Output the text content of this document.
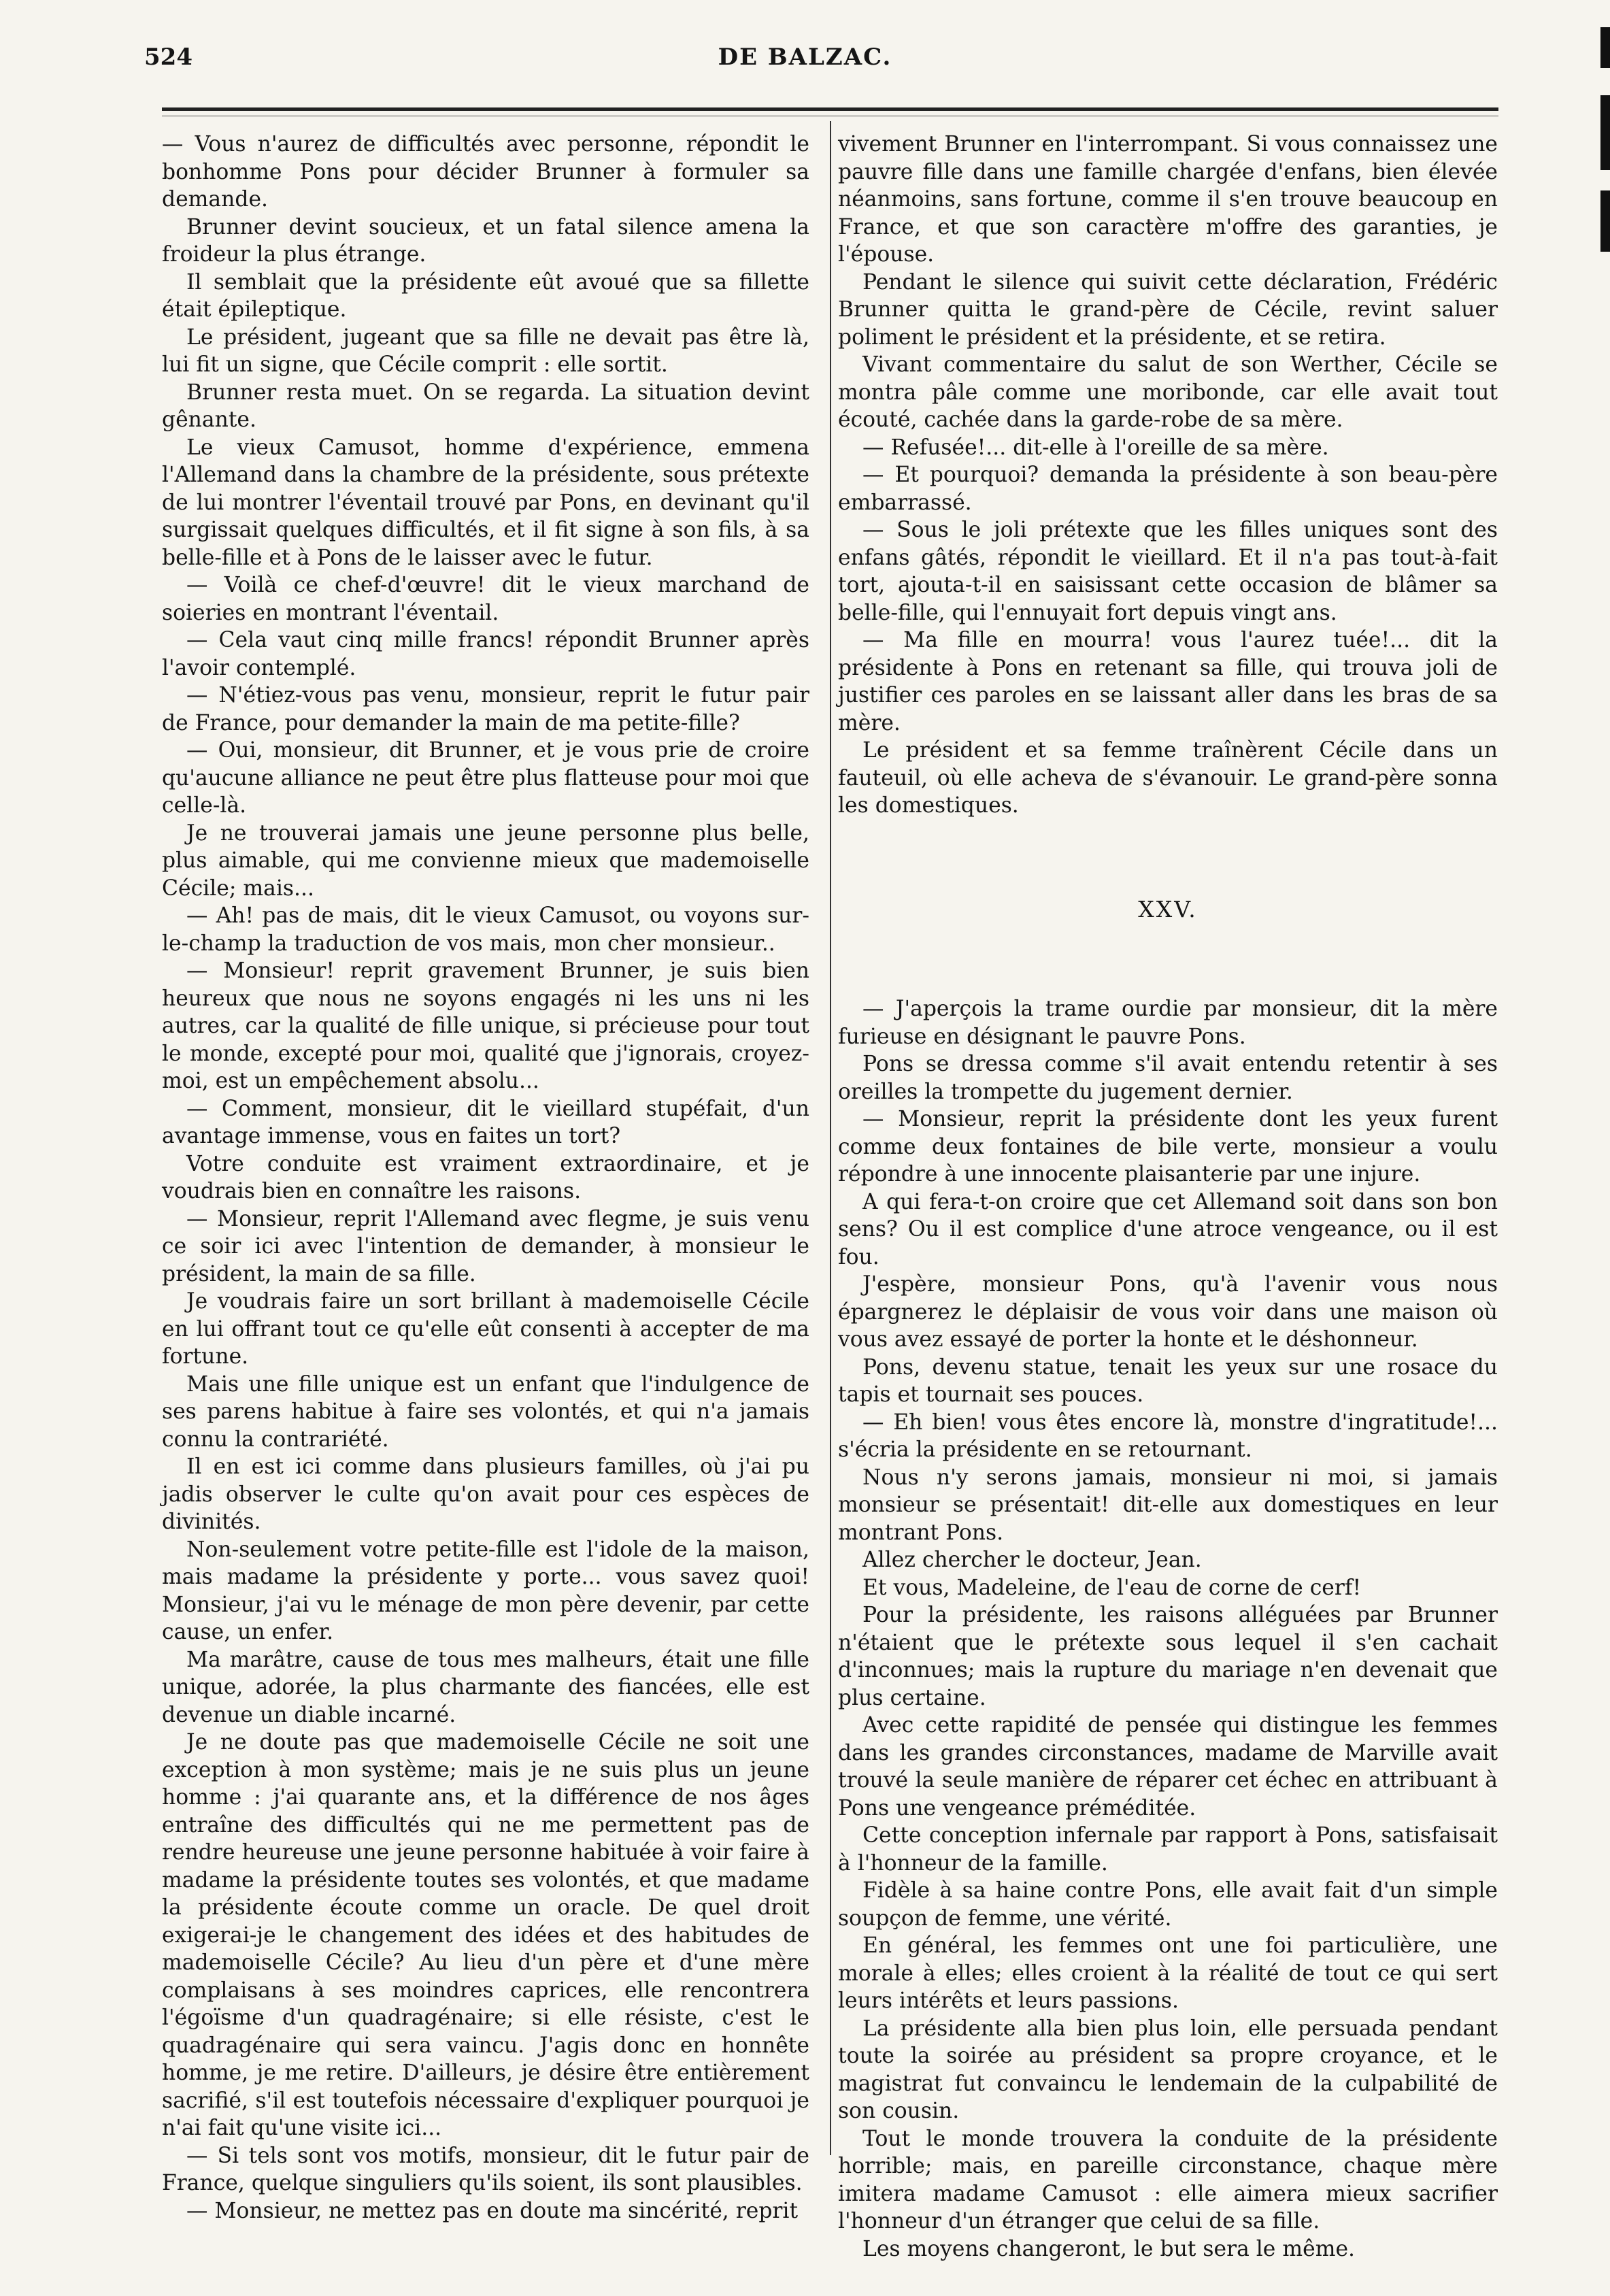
524	DE BALZAC.

— Vous n'aurez de difficultés avec personne, répondit le bonhomme Pons pour décider Brunner à formuler sa demande.

Brunner devint soucieux, et un fatal silence amena la froideur la plus étrange.

Il semblait que la présidente eût avoué que sa fillette était épileptique.

Le président, jugeant que sa fille ne devait pas être là, lui fit un signe, que Cécile comprit : elle sortit.

Brunner resta muet. On se regarda. La situation devint gênante.

Le vieux Camusot, homme d'expérience, emmena l'Allemand dans la chambre de la présidente, sous prétexte de lui montrer l'éventail trouvé par Pons, en devinant qu'il surgissait quelques difficultés, et il fit signe à son fils, à sa belle-fille et à Pons de le laisser avec le futur.

— Voilà ce chef-d'œuvre! dit le vieux marchand de soieries en montrant l'éventail.

— Cela vaut cinq mille francs! répondit Brunner après l'avoir contemplé.

— N'étiez-vous pas venu, monsieur, reprit le futur pair de France, pour demander la main de ma petite-fille?

— Oui, monsieur, dit Brunner, et je vous prie de croire qu'aucune alliance ne peut être plus flatteuse pour moi que celle-là.

Je ne trouverai jamais une jeune personne plus belle, plus aimable, qui me convienne mieux que mademoiselle Cécile; mais...

— Ah! pas de mais, dit le vieux Camusot, ou voyons sur-le-champ la traduction de vos mais, mon cher monsieur..

— Monsieur! reprit gravement Brunner, je suis bien heureux que nous ne soyons engagés ni les uns ni les autres, car la qualité de fille unique, si précieuse pour tout le monde, excepté pour moi, qualité que j'ignorais, croyez-moi, est un empêchement absolu...

— Comment, monsieur, dit le vieillard stupéfait, d'un avantage immense, vous en faites un tort?

Votre conduite est vraiment extraordinaire, et je voudrais bien en connaître les raisons.

— Monsieur, reprit l'Allemand avec flegme, je suis venu ce soir ici avec l'intention de demander, à monsieur le président, la main de sa fille.

Je voudrais faire un sort brillant à mademoiselle Cécile en lui offrant tout ce qu'elle eût consenti à accepter de ma fortune.

Mais une fille unique est un enfant que l'indulgence de ses parens habitue à faire ses volontés, et qui n'a jamais connu la contrariété.

Il en est ici comme dans plusieurs familles, où j'ai pu jadis observer le culte qu'on avait pour ces espèces de divinités.

Non-seulement votre petite-fille est l'idole de la maison, mais madame la présidente y porte... vous savez quoi! Monsieur, j'ai vu le ménage de mon père devenir, par cette cause, un enfer.

Ma marâtre, cause de tous mes malheurs, était une fille unique, adorée, la plus charmante des fiancées, elle est devenue un diable incarné.

Je ne doute pas que mademoiselle Cécile ne soit une exception à mon système; mais je ne suis plus un jeune homme : j'ai quarante ans, et la différence de nos âges entraîne des difficultés qui ne me permettent pas de rendre heureuse une jeune personne habituée à voir faire à madame la présidente toutes ses volontés, et que madame la présidente écoute comme un oracle. De quel droit exigerai-je le changement des idées et des habitudes de mademoiselle Cécile? Au lieu d'un père et d'une mère complaisans à ses moindres caprices, elle rencontrera l'égoïsme d'un quadragénaire; si elle résiste, c'est le quadragénaire qui sera vaincu. J'agis donc en honnête homme, je me retire. D'ailleurs, je désire être entièrement sacrifié, s'il est toutefois nécessaire d'expliquer pourquoi je n'ai fait qu'une visite ici...

— Si tels sont vos motifs, monsieur, dit le futur pair de France, quelque singuliers qu'ils soient, ils sont plausibles.

— Monsieur, ne mettez pas en doute ma sincérité, reprit

vivement Brunner en l'interrompant. Si vous connaissez une pauvre fille dans une famille chargée d'enfans, bien élevée néanmoins, sans fortune, comme il s'en trouve beaucoup en France, et que son caractère m'offre des garanties, je l'épouse.

Pendant le silence qui suivit cette déclaration, Frédéric Brunner quitta le grand-père de Cécile, revint saluer poliment le président et la présidente, et se retira.

Vivant commentaire du salut de son Werther, Cécile se montra pâle comme une moribonde, car elle avait tout écouté, cachée dans la garde-robe de sa mère.

— Refusée!... dit-elle à l'oreille de sa mère.

— Et pourquoi? demanda la présidente à son beau-père embarrassé.

— Sous le joli prétexte que les filles uniques sont des enfans gâtés, répondit le vieillard. Et il n'a pas tout-à-fait tort, ajouta-t-il en saisissant cette occasion de blâmer sa belle-fille, qui l'ennuyait fort depuis vingt ans.

— Ma fille en mourra! vous l'aurez tuée!... dit la présidente à Pons en retenant sa fille, qui trouva joli de justifier ces paroles en se laissant aller dans les bras de sa mère.

Le président et sa femme traînèrent Cécile dans un fauteuil, où elle acheva de s'évanouir. Le grand-père sonna les domestiques.

XXV.

— J'aperçois la trame ourdie par monsieur, dit la mère furieuse en désignant le pauvre Pons.

Pons se dressa comme s'il avait entendu retentir à ses oreilles la trompette du jugement dernier.

— Monsieur, reprit la présidente dont les yeux furent comme deux fontaines de bile verte, monsieur a voulu répondre à une innocente plaisanterie par une injure.

A qui fera-t-on croire que cet Allemand soit dans son bon sens? Ou il est complice d'une atroce vengeance, ou il est fou.

J'espère, monsieur Pons, qu'à l'avenir vous nous épargnerez le déplaisir de vous voir dans une maison où vous avez essayé de porter la honte et le déshonneur.

Pons, devenu statue, tenait les yeux sur une rosace du tapis et tournait ses pouces.

— Eh bien! vous êtes encore là, monstre d'ingratitude!... s'écria la présidente en se retournant.

Nous n'y serons jamais, monsieur ni moi, si jamais monsieur se présentait! dit-elle aux domestiques en leur montrant Pons.

Allez chercher le docteur, Jean.

Et vous, Madeleine, de l'eau de corne de cerf!

Pour la présidente, les raisons alléguées par Brunner n'étaient que le prétexte sous lequel il s'en cachait d'inconnues; mais la rupture du mariage n'en devenait que plus certaine.

Avec cette rapidité de pensée qui distingue les femmes dans les grandes circonstances, madame de Marville avait trouvé la seule manière de réparer cet échec en attribuant à Pons une vengeance préméditée.

Cette conception infernale par rapport à Pons, satisfaisait à l'honneur de la famille.

Fidèle à sa haine contre Pons, elle avait fait d'un simple soupçon de femme, une vérité.

En général, les femmes ont une foi particulière, une morale à elles; elles croient à la réalité de tout ce qui sert leurs intérêts et leurs passions.

La présidente alla bien plus loin, elle persuada pendant toute la soirée au président sa propre croyance, et le magistrat fut convaincu le lendemain de la culpabilité de son cousin.

Tout le monde trouvera la conduite de la présidente horrible; mais, en pareille circonstance, chaque mère imitera madame Camusot : elle aimera mieux sacrifier l'honneur d'un étranger que celui de sa fille.

Les moyens changeront, le but sera le même.
